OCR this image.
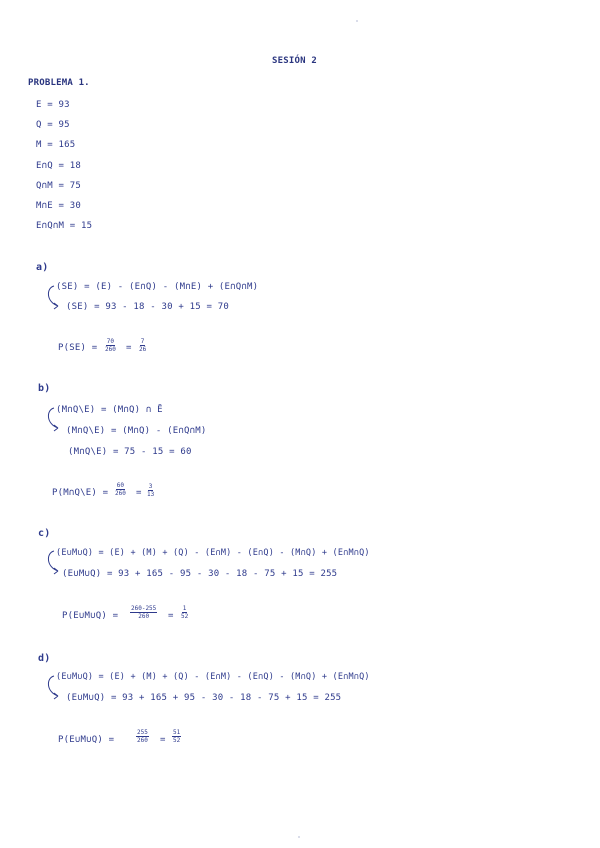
SESIÓN 2
PROBLEMA 1.
E = 93
Q = 95
M = 165
E∩Q = 18
Q∩M = 75
M∩E = 30
E∩Q∩M = 15
a)
(SE) = (E) - (E∩Q) - (M∩E) + (E∩Q∩M)
(SE) = 93 - 18 - 30 + 15 = 70
$P(SE) = \frac{70}{260} = \frac{7}{26}$
b)
(M∩Q\E) = (M∩Q) ∩ Ē
(M∩Q\E) = (M∩Q) - (E∩Q∩M)
(M∩Q\E) = 75 - 15 = 60
P(M∩Q\E) = $\frac{60}{260} = \frac{3}{13}$
c)
(E∪M∪Q) = (E) + (M) + (Q) - (E∩M) - (E∩Q) - (M∩Q) + (E∩M∩Q)
(E∪M∪Q) = 93 + 165 - 95 - 30 - 18 - 75 + 15 = 255
P(E∪M∪Q) = $\frac{260-255}{260} = \frac{1}{52}$
d)
(E∪M∪Q) = (E) + (M) + (Q) - (E∩M) - (E∩Q) - (M∩Q) + (E∩M∩Q)
(E∪M∪Q) = 93 + 165 + 95 - 30 - 18 - 75 + 15 = 255
P(E∪M∪Q) =	$\frac{255}{260} = \frac{51}{52}$
